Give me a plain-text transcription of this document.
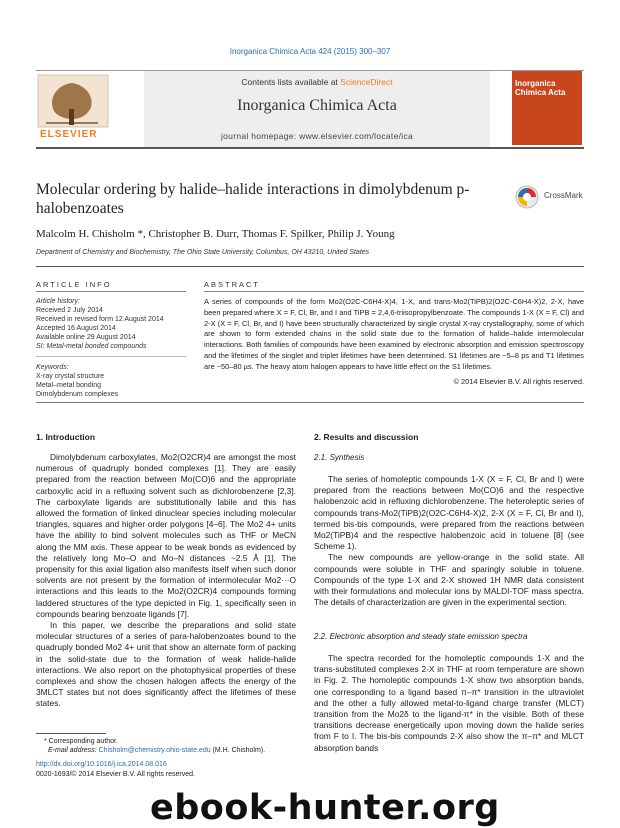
Inorganica Chimica Acta 424 (2015) 300–307
ELSEVIER
Contents lists available at ScienceDirect
Inorganica Chimica Acta
journal homepage: www.elsevier.com/locate/ica
Inorganica Chimica Acta
Molecular ordering by halide–halide interactions in dimolybdenum p-halobenzoates
CrossMark
Malcolm H. Chisholm *, Christopher B. Durr, Thomas F. Spilker, Philip J. Young
Department of Chemistry and Biochemistry, The Ohio State University, Columbus, OH 43210, United States
ARTICLE INFO	ABSTRACT
Article history:
Received 2 July 2014
Received in revised form 12 August 2014
Accepted 16 August 2014
Available online 29 August 2014
SI: Metal-metal bonded compounds
Keywords:
X-ray crystal structure
Metal–metal bonding
Dimolybdenum complexes
A series of compounds of the form Mo2(O2C-C6H4-X)4, 1-X, and trans-Mo2(TiPB)2(O2C-C6H4-X)2, 2-X, have been prepared where X = F, Cl, Br, and I and TiPB = 2,4,6-triisopropylbenzoate. The compounds 1-X (X = F, Cl) and 2-X (X = F, Cl, Br, and I) have been structurally characterized by single crystal X-ray crystallography, some of which are shown to form extended chains in the solid state due to the formation of halide–halide intermolecular interactions. Both families of compounds have been examined by electronic absorption and emission spectroscopy and the lifetimes of the singlet and triplet lifetimes have been determined. S1 lifetimes are ~5–8 ps and T1 lifetimes are ~50–80 µs. The heavy atom halogen appears to have little effect on the S1 lifetimes.
© 2014 Elsevier B.V. All rights reserved.
1. Introduction

Dimolybdenum carboxylates, Mo2(O2CR)4 are amongst the most numerous of quadruply bonded complexes [1]. They are easily prepared from the reaction between Mo(CO)6 and the appropriate carboxylic acid in a refluxing solvent such as dichlorobenzene [2,3]. The carboxylate ligands are substitutionally labile and this has allowed the formation of linked dinuclear species including molecular triangles, squares and higher order polygons [4–6]. The Mo2 4+ units have the ability to bind solvent molecules such as THF or MeCN along the MM axis. These appear to be weak bonds as evidenced by the relatively long Mo–O and Mo–N distances ~2.5 Å [1]. The propensity for this axial ligation also manifests itself when such donor solvents are not present by the formation of intermolecular Mo2···O interactions and this leads to the Mo2(O2CR)4 compounds forming laddered structures of the type depicted in Fig. 1, specifically seen in compounds bearing benzoate ligands [7].

In this paper, we describe the preparations and solid state molecular structures of a series of para-halobenzoates bound to the quadruply bonded Mo2 4+ unit that show an alternate form of packing in the solid-state due to the formation of weak halide-halide interactions. We also report on the photophysical properties of these complexes and show the chosen halogen affects the energy of the 3MLCT states but not does significantly affect the lifetimes of these states.

* Corresponding author.
E-mail address: Chisholm@chemistry.ohio-state.edu (M.H. Chisholm).
http://dx.doi.org/10.1016/j.ica.2014.08.016
0020-1693/© 2014 Elsevier B.V. All rights reserved.
2. Results and discussion
2.1. Synthesis

The series of homoleptic compounds 1-X (X = F, Cl, Br and I) were prepared from the reactions between Mo(CO)6 and the respective halobenzoic acid in refluxing dichlorobenzene. The heteroleptic series of compounds trans-Mo2(TiPB)2(O2C-C6H4-X)2, 2-X (X = F, Cl, Br and I), termed bis-bis compounds, were prepared from the reactions between Mo2(TiPB)4 and the respective halobenzoic acid in toluene [8] (see Scheme 1).

The new compounds are yellow-orange in the solid state. All compounds were soluble in THF and sparingly soluble in toluene. Compounds of the type 1-X and 2-X showed 1H NMR data consistent with their formulations and molecular ions by MALDI-TOF mass spectra. The details of characterization are given in the experimental section.

2.2. Electronic absorption and steady state emission spectra

The spectra recorded for the homoleptic compounds 1-X and the trans-substituted complexes 2-X in THF at room temperature are shown in Fig. 2. The homoleptic compounds 1-X show two absorption bands, one corresponding to a ligand based π–π* transition in the ultraviolet and the other a fully allowed metal-to-ligand charge transfer (MLCT) transition from the Mo2δ to the ligand-π* in the visible. Both of these transitions decrease energetically upon moving down the halide series from F to I. The bis-bis compounds 2-X also show the π–π* and MLCT absorption bands

ebook-hunter.org
